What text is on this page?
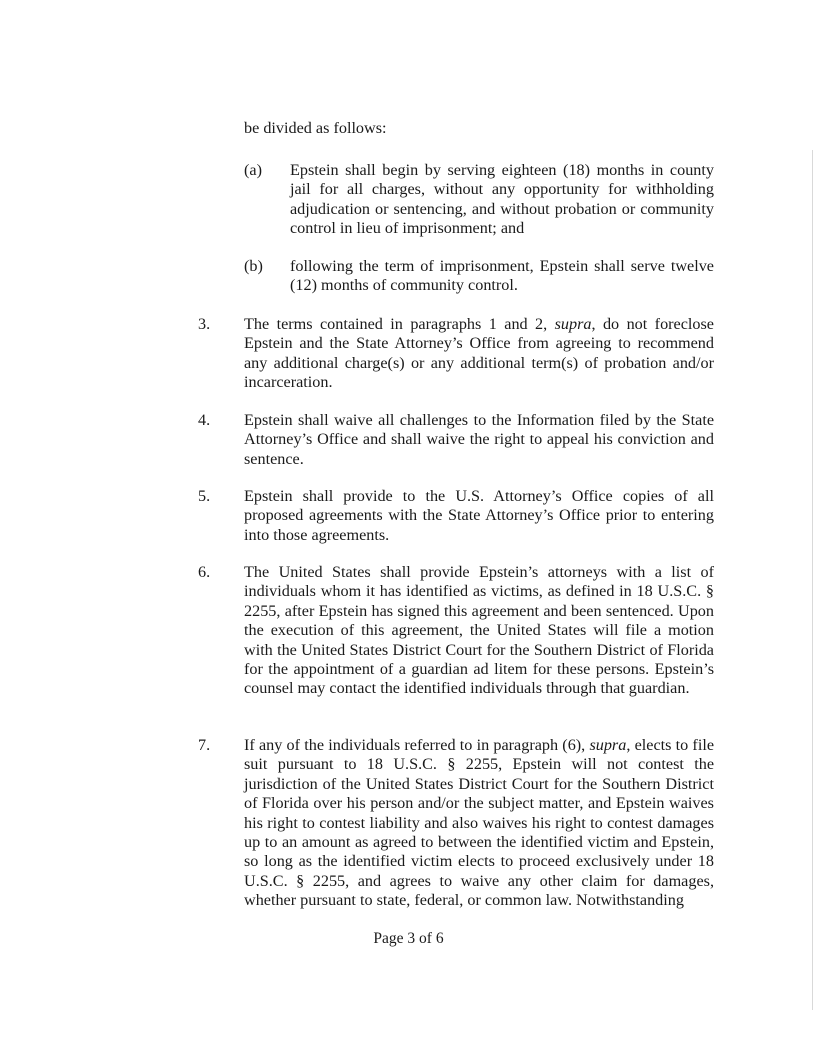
be divided as follows:

(a)	Epstein shall begin by serving eighteen (18) months in county jail for all charges, without any opportunity for withholding adjudication or sentencing, and without probation or community control in lieu of imprisonment; and

(b)	following the term of imprisonment, Epstein shall serve twelve (12) months of community control.

3.	The terms contained in paragraphs 1 and 2, supra, do not foreclose Epstein and the State Attorney’s Office from agreeing to recommend any additional charge(s) or any additional term(s) of probation and/or incarceration.

4.	Epstein shall waive all challenges to the Information filed by the State Attorney’s Office and shall waive the right to appeal his conviction and sentence.

5.	Epstein shall provide to the U.S. Attorney’s Office copies of all proposed agreements with the State Attorney’s Office prior to entering into those agreements.

6.	The United States shall provide Epstein’s attorneys with a list of individuals whom it has identified as victims, as defined in 18 U.S.C. § 2255, after Epstein has signed this agreement and been sentenced. Upon the execution of this agreement, the United States will file a motion with the United States District Court for the Southern District of Florida for the appointment of a guardian ad litem for these persons. Epstein’s counsel may contact the identified individuals through that guardian.

7.	If any of the individuals referred to in paragraph (6), supra, elects to file suit pursuant to 18 U.S.C. § 2255, Epstein will not contest the jurisdiction of the United States District Court for the Southern District of Florida over his person and/or the subject matter, and Epstein waives his right to contest liability and also waives his right to contest damages up to an amount as agreed to between the identified victim and Epstein, so long as the identified victim elects to proceed exclusively under 18 U.S.C. § 2255, and agrees to waive any other claim for damages, whether pursuant to state, federal, or common law. Notwithstanding

Page 3 of 6
